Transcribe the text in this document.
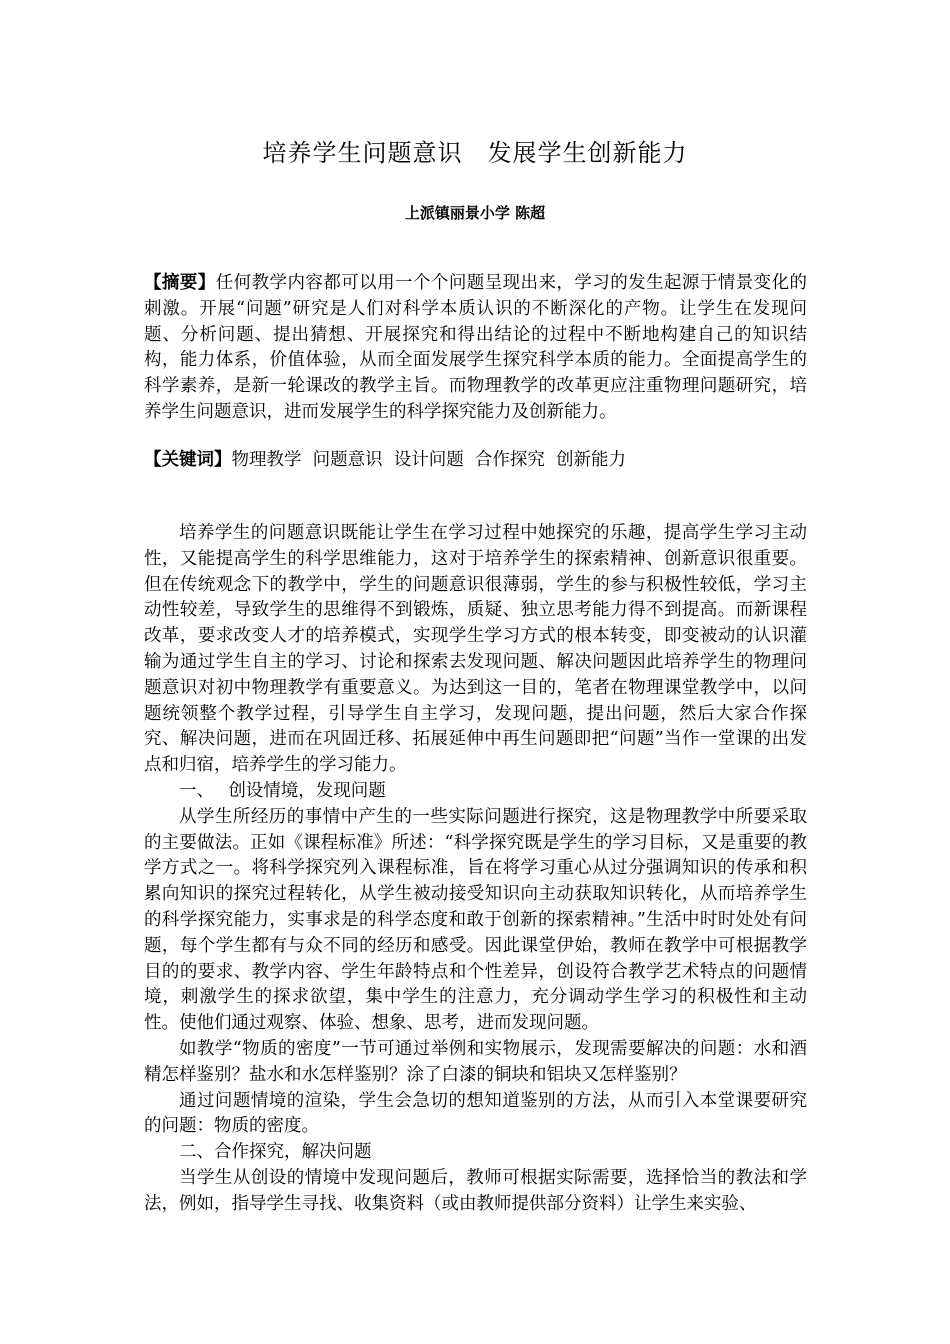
培养学生问题意识　发展学生创新能力
上派镇丽景小学 陈超
【摘要】任何教学内容都可以用一个个问题呈现出来，学习的发生起源于情景变化的刺激。开展“问题”研究是人们对科学本质认识的不断深化的产物。让学生在发现问题、分析问题、提出猜想、开展探究和得出结论的过程中不断地构建自己的知识结构，能力体系，价值体验，从而全面发展学生探究科学本质的能力。全面提高学生的科学素养，是新一轮课改的教学主旨。而物理教学的改革更应注重物理问题研究，培养学生问题意识，进而发展学生的科学探究能力及创新能力。
【关键词】物理教学  问题意识  设计问题  合作探究  创新能力

培养学生的问题意识既能让学生在学习过程中她探究的乐趣，提高学生学习主动性，又能提高学生的科学思维能力，这对于培养学生的探索精神、创新意识很重要。但在传统观念下的教学中，学生的问题意识很薄弱，学生的参与积极性较低，学习主动性较差，导致学生的思维得不到锻炼，质疑、独立思考能力得不到提高。而新课程改革，要求改变人才的培养模式，实现学生学习方式的根本转变，即变被动的认识灌输为通过学生自主的学习、讨论和探索去发现问题、解决问题因此培养学生的物理问题意识对初中物理教学有重要意义。为达到这一目的，笔者在物理课堂教学中，以问题统领整个教学过程，引导学生自主学习，发现问题，提出问题，然后大家合作探究、解决问题，进而在巩固迁移、拓展延伸中再生问题即把“问题”当作一堂课的出发点和归宿，培养学生的学习能力。

一、　 创设情境，发现问题

从学生所经历的事情中产生的一些实际问题进行探究，这是物理教学中所要采取的主要做法。正如《课程标准》所述：“科学探究既是学生的学习目标，又是重要的教学方式之一。将科学探究列入课程标准，旨在将学习重心从过分强调知识的传承和积累向知识的探究过程转化，从学生被动接受知识向主动获取知识转化，从而培养学生的科学探究能力，实事求是的科学态度和敢于创新的探索精神。”生活中时时处处有问题，每个学生都有与众不同的经历和感受。因此课堂伊始，教师在教学中可根据教学目的的要求、教学内容、学生年龄特点和个性差异，创设符合教学艺术特点的问题情境，刺激学生的探求欲望，集中学生的注意力，充分调动学生学习的积极性和主动性。使他们通过观察、体验、想象、思考，进而发现问题。

如教学“物质的密度”一节可通过举例和实物展示，发现需要解决的问题：水和酒精怎样鉴别？盐水和水怎样鉴别？涂了白漆的铜块和铝块又怎样鉴别？

通过问题情境的渲染，学生会急切的想知道鉴别的方法，从而引入本堂课要研究的问题：物质的密度。

二、合作探究，解决问题

当学生从创设的情境中发现问题后，教师可根据实际需要，选择恰当的教法和学法，例如，指导学生寻找、收集资料（或由教师提供部分资料）让学生来实验、
